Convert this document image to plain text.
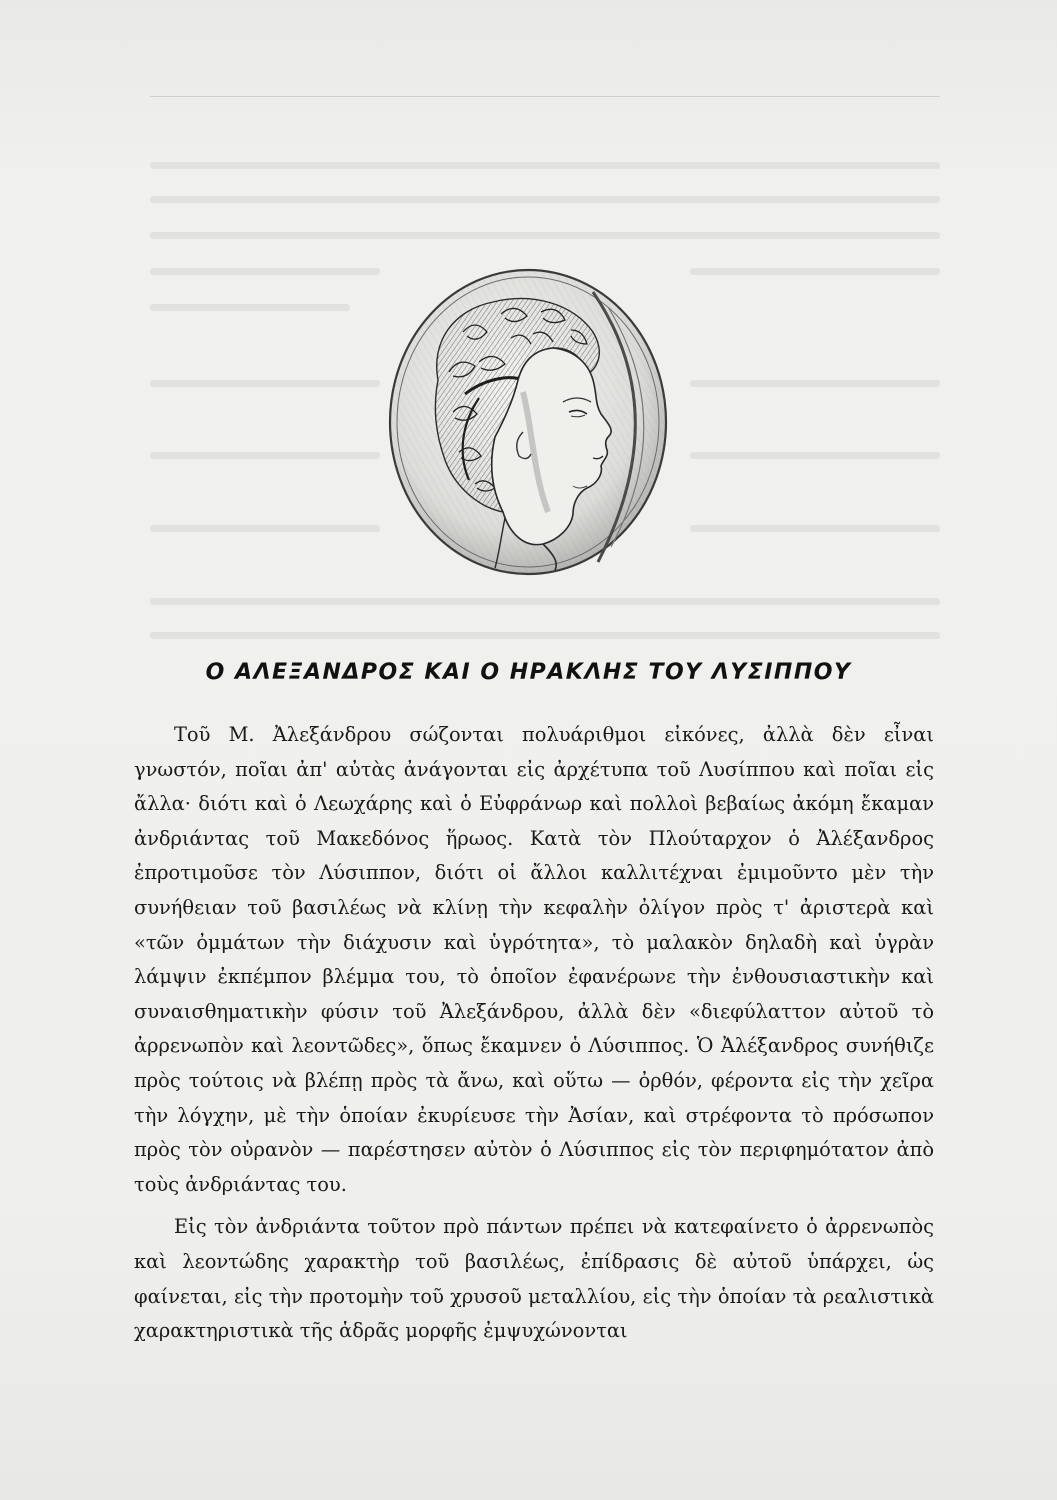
Ο ΑΛΕΞΑΝΔΡΟΣ ΚΑΙ Ο ΗΡΑΚΛΗΣ ΤΟΥ ΛΥΣΙΠΠΟΥ

Τοῦ Μ. Ἀλεξάνδρου σώζονται πολυάριθμοι εἰκόνες, ἀλλὰ δὲν εἶναι γνωστόν, ποῖαι ἀπ' αὐτὰς ἀνάγονται εἰς ἀρχέτυπα τοῦ Λυσίππου καὶ ποῖαι εἰς ἄλλα· διότι καὶ ὁ Λεωχάρης καὶ ὁ Εὐφράνωρ καὶ πολλοὶ βεβαίως ἀκόμη ἔκαμαν ἀνδριάντας τοῦ Μακεδόνος ἥρωος. Κατὰ τὸν Πλούταρχον ὁ Ἀλέξανδρος ἐπροτιμοῦσε τὸν Λύσιππον, διότι οἱ ἄλλοι καλλιτέχναι ἐμιμοῦντο μὲν τὴν συνήθειαν τοῦ βασιλέως νὰ κλίνῃ τὴν κεφαλὴν ὀλίγον πρὸς τ' ἀριστερὰ καὶ «τῶν ὀμμάτων τὴν διάχυσιν καὶ ὑγρότητα», τὸ μαλακὸν δηλαδὴ καὶ ὑγρὰν λάμψιν ἐκπέμπον βλέμμα του, τὸ ὁποῖον ἐφανέρωνε τὴν ἐνθουσιαστικὴν καὶ συναισθηματικὴν φύσιν τοῦ Ἀλεξάνδρου, ἀλλὰ δὲν «διεφύλαττον αὐτοῦ τὸ ἀρρενωπὸν καὶ λεοντῶδες», ὅπως ἔκαμνεν ὁ Λύσιππος. Ὁ Ἀλέξανδρος συνήθιζε πρὸς τούτοις νὰ βλέπῃ πρὸς τὰ ἄνω, καὶ οὕτω — ὀρθόν, φέροντα εἰς τὴν χεῖρα τὴν λόγχην, μὲ τὴν ὁποίαν ἐκυρίευσε τὴν Ἀσίαν, καὶ στρέφοντα τὸ πρόσωπον πρὸς τὸν οὐρανὸν — παρέστησεν αὐτὸν ὁ Λύσιππος εἰς τὸν περιφημότατον ἀπὸ τοὺς ἀνδριάντας του.

Εἰς τὸν ἀνδριάντα τοῦτον πρὸ πάντων πρέπει νὰ κατεφαίνετο ὁ ἀρρενωπὸς καὶ λεοντώδης χαρακτὴρ τοῦ βασιλέως, ἐπίδρασις δὲ αὐτοῦ ὑπάρχει, ὡς φαίνεται, εἰς τὴν προτομὴν τοῦ χρυσοῦ μεταλλίου, εἰς τὴν ὁποίαν τὰ ρεαλιστικὰ χαρακτηριστικὰ τῆς ἁδρᾶς μορφῆς ἐμψυχώνονται
